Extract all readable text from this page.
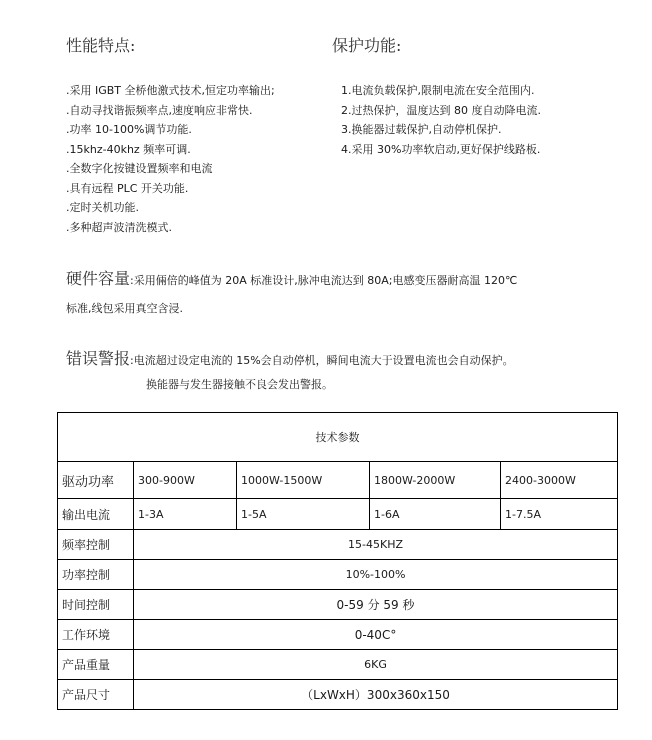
性能特点:	保护功能:
.采用 IGBT 全桥他激式技术,恒定功率输出;
.自动寻找谐振频率点,速度响应非常快.
.功率 10-100%调节功能.
.15khz-40khz 频率可调.
.全数字化按键设置频率和电流
.具有远程 PLC 开关功能.
.定时关机功能.
.多种超声波清洗模式.
1.电流负载保护,限制电流在安全范围内.
2.过热保护，温度达到 80 度自动降电流.
3.换能器过载保护,自动停机保护.
4.采用 30%功率软启动,更好保护线路板.
硬件容量:采用倆倍的峰值为 20A 标准设计,脉冲电流达到 80A;电感变压器耐高温 120℃
标准,线包采用真空含浸.
错误警报:电流超过设定电流的 15%会自动停机，瞬间电流大于设置电流也会自动保护。
换能器与发生器接触不良会发出警报。
技术参数				
驱动功率	300-900W	1000W-1500W	1800W-2000W	2400-3000W
输出电流	1-3A	1-5A	1-6A	1-7.5A
频率控制	15-45KHZ			
功率控制	10%-100%			
时间控制	0-59 分 59 秒			
工作环境	0-40C°			
产品重量	6KG			
产品尺寸	（LxWxH）300x360x150			
